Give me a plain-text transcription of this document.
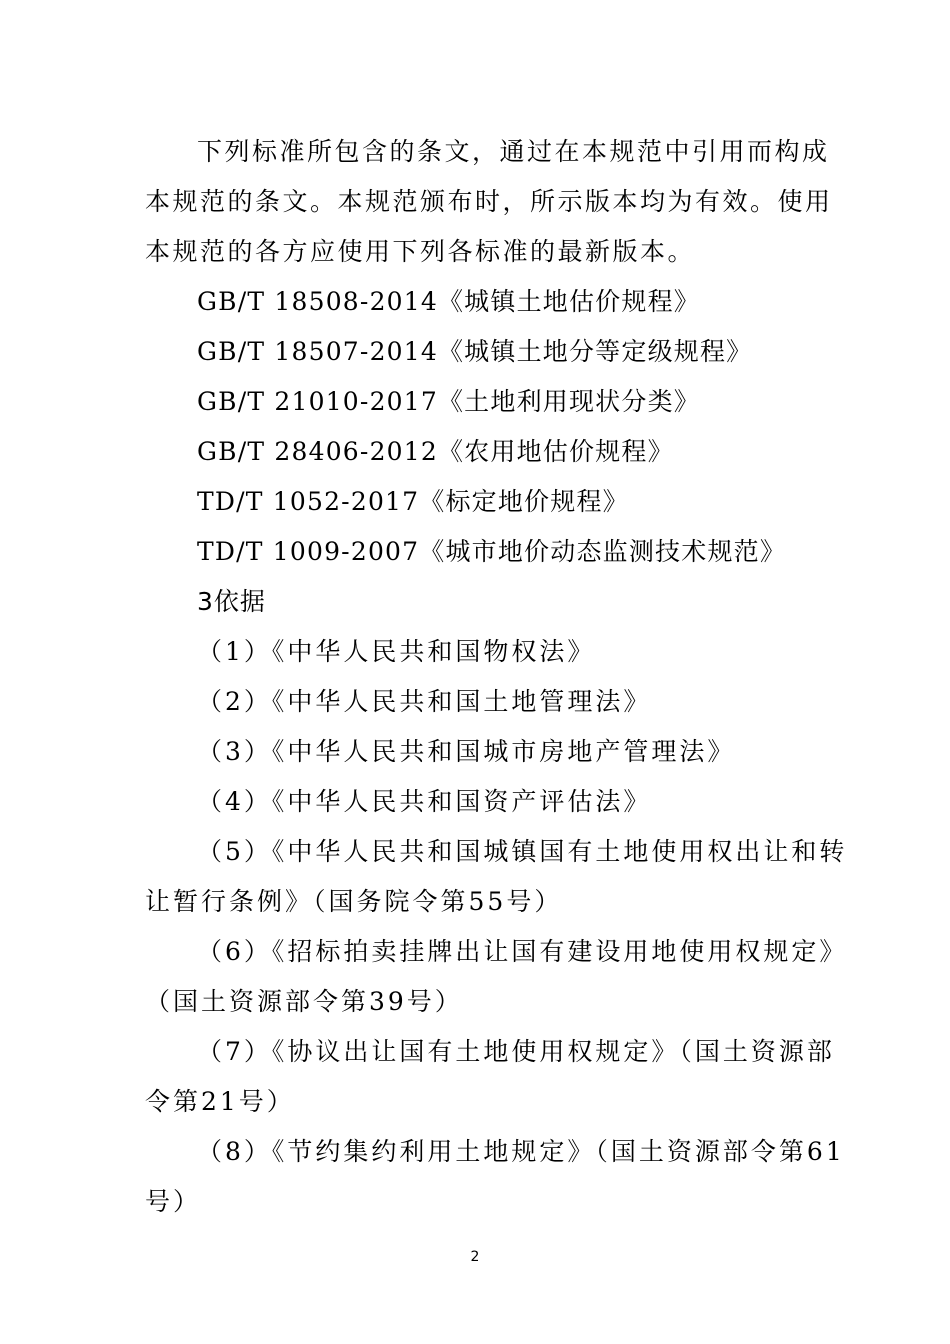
下列标准所包含的条文，通过在本规范中引用而构成
本规范的条文。本规范颁布时，所示版本均为有效。使用
本规范的各方应使用下列各标准的最新版本。
GB/T 18508-2014《城镇土地估价规程》
GB/T 18507-2014《城镇土地分等定级规程》
GB/T 21010-2017《土地利用现状分类》
GB/T 28406-2012《农用地估价规程》
TD/T 1052-2017《标定地价规程》
TD/T 1009-2007《城市地价动态监测技术规范》
3依据
（1）《中华人民共和国物权法》
（2）《中华人民共和国土地管理法》
（3）《中华人民共和国城市房地产管理法》
（4）《中华人民共和国资产评估法》
（5）《中华人民共和国城镇国有土地使用权出让和转
让暂行条例》（国务院令第55号）
（6）《招标拍卖挂牌出让国有建设用地使用权规定》
（国土资源部令第39号）
（7）《协议出让国有土地使用权规定》（国土资源部
令第21号）
（8）《节约集约利用土地规定》（国土资源部令第61
号）
2
